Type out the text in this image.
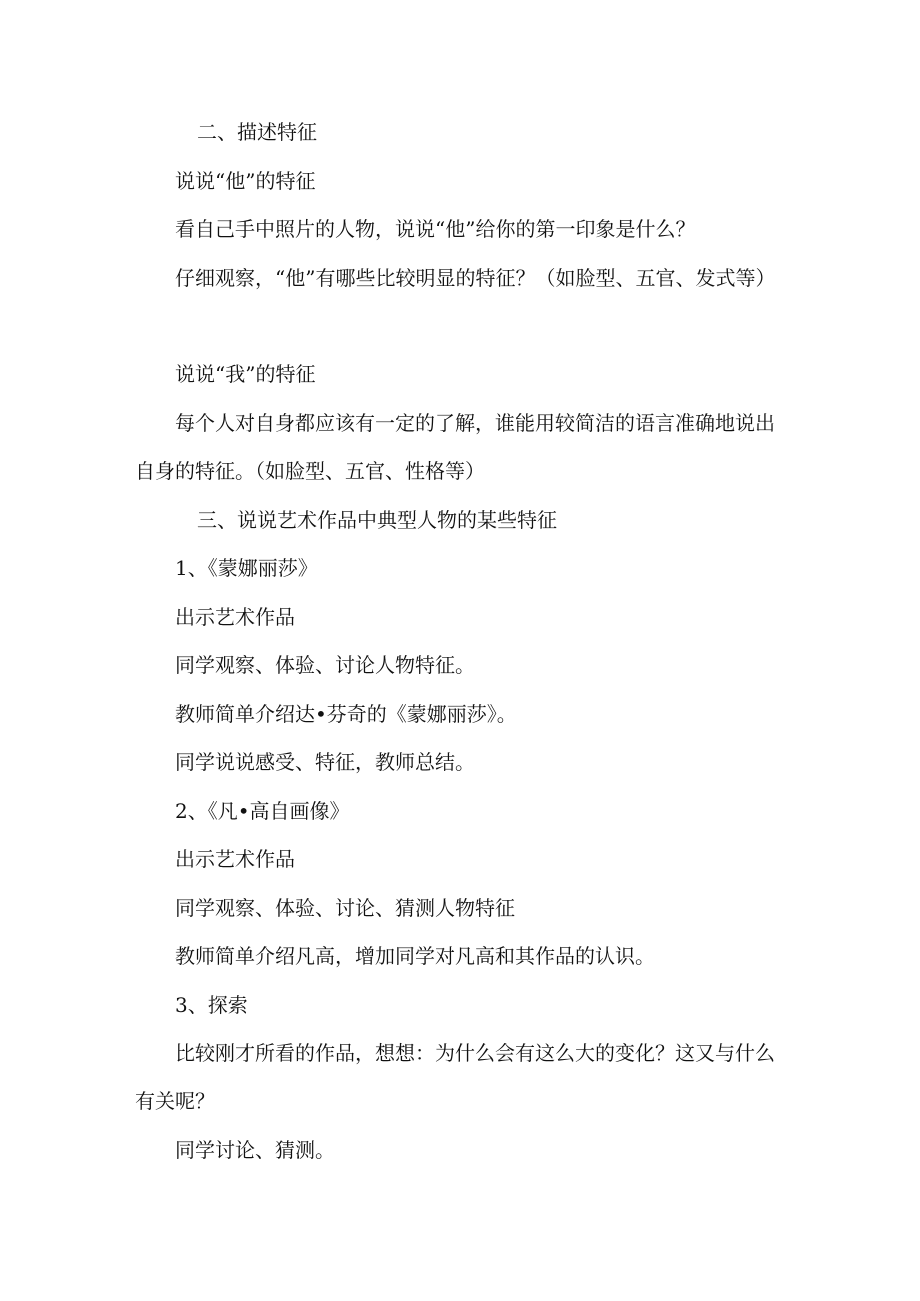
二、描述特征

说说“他”的特征

看自己手中照片的人物，说说“他”给你的第一印象是什么？

仔细观察，“他”有哪些比较明显的特征？（如脸型、五官、发式等）

说说“我”的特征

每个人对自身都应该有一定的了解，谁能用较简洁的语言准确地说出自身的特征。（如脸型、五官、性格等）

三、说说艺术作品中典型人物的某些特征

1、《蒙娜丽莎》

出示艺术作品

同学观察、体验、讨论人物特征。

教师简单介绍达•芬奇的《蒙娜丽莎》。

同学说说感受、特征，教师总结。

2、《凡•高自画像》

出示艺术作品

同学观察、体验、讨论、猜测人物特征

教师简单介绍凡高，增加同学对凡高和其作品的认识。

3、探索

比较刚才所看的作品，想想：为什么会有这么大的变化？这又与什么有关呢？

同学讨论、猜测。
